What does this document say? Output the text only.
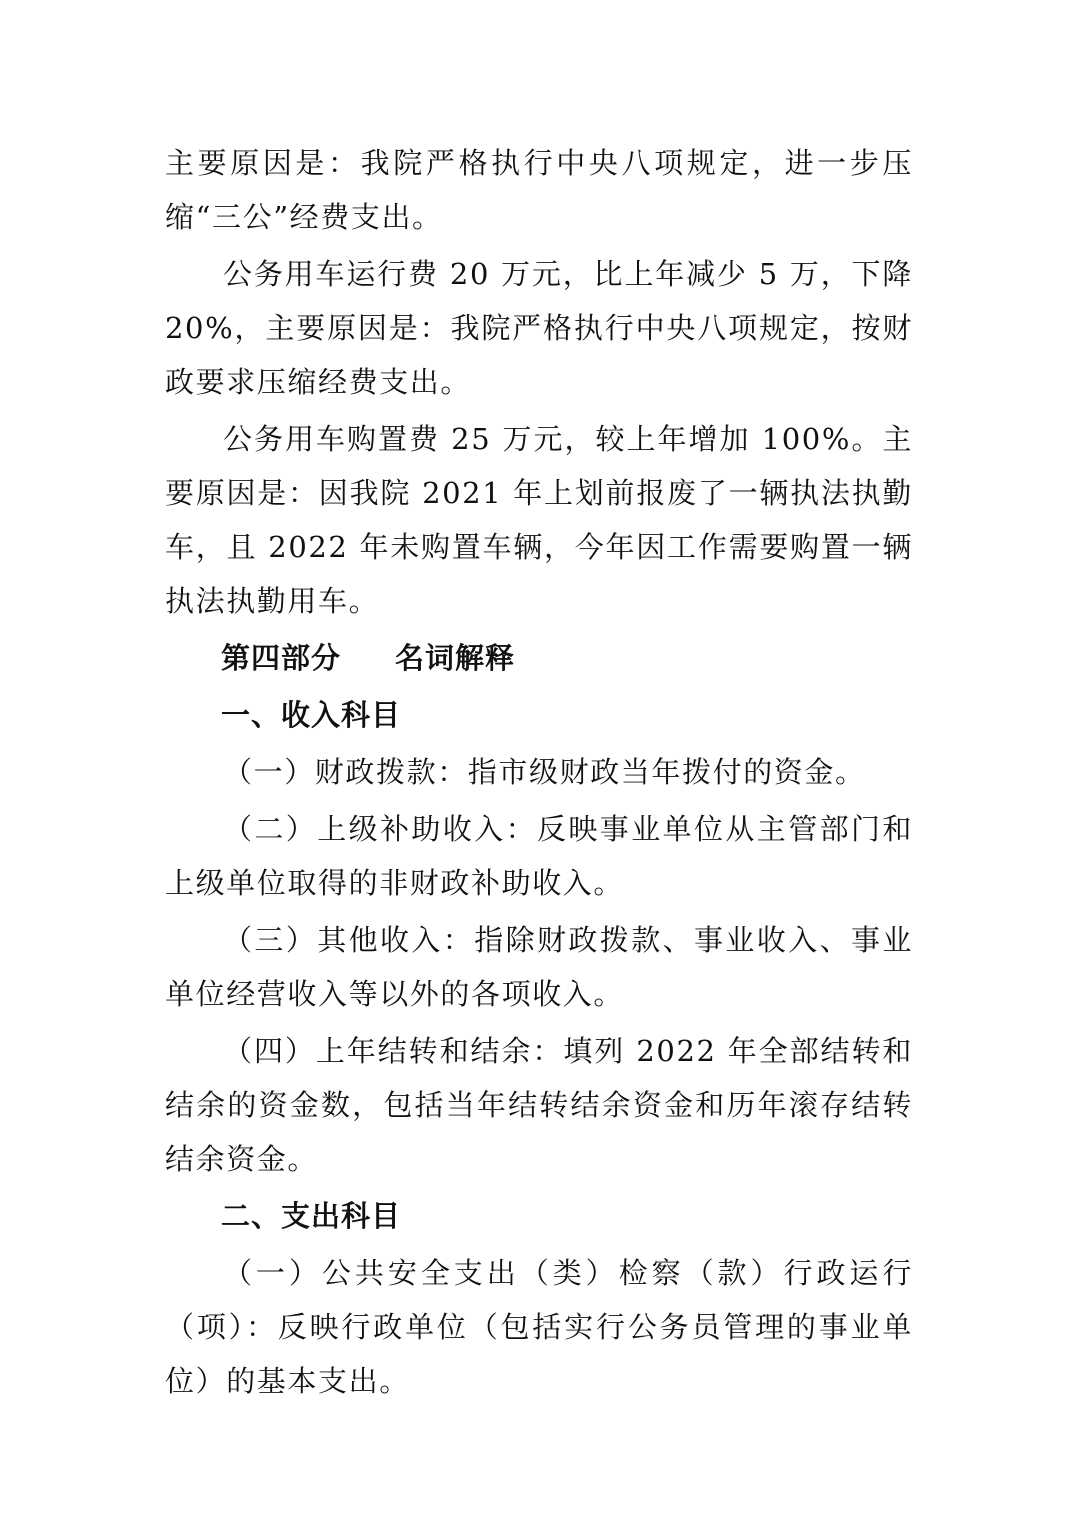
主要原因是：我院严格执行中央八项规定，进一步压缩“三公”经费支出。

公务用车运行费 20 万元，比上年减少 5 万，下降 20%，主要原因是：我院严格执行中央八项规定，按财政要求压缩经费支出。

公务用车购置费 25 万元，较上年增加 100%。主要原因是：因我院 2021 年上划前报废了一辆执法执勤车，且 2022 年未购置车辆，今年因工作需要购置一辆执法执勤用车。

第四部分 名词解释
一、收入科目

（一）财政拨款：指市级财政当年拨付的资金。

（二）上级补助收入：反映事业单位从主管部门和上级单位取得的非财政补助收入。

（三）其他收入：指除财政拨款、事业收入、事业单位经营收入等以外的各项收入。

（四）上年结转和结余：填列 2022 年全部结转和结余的资金数，包括当年结转结余资金和历年滚存结转结余资金。

二、支出科目

（一）公共安全支出（类）检察（款）行政运行（项）：反映行政单位（包括实行公务员管理的事业单位）的基本支出。
